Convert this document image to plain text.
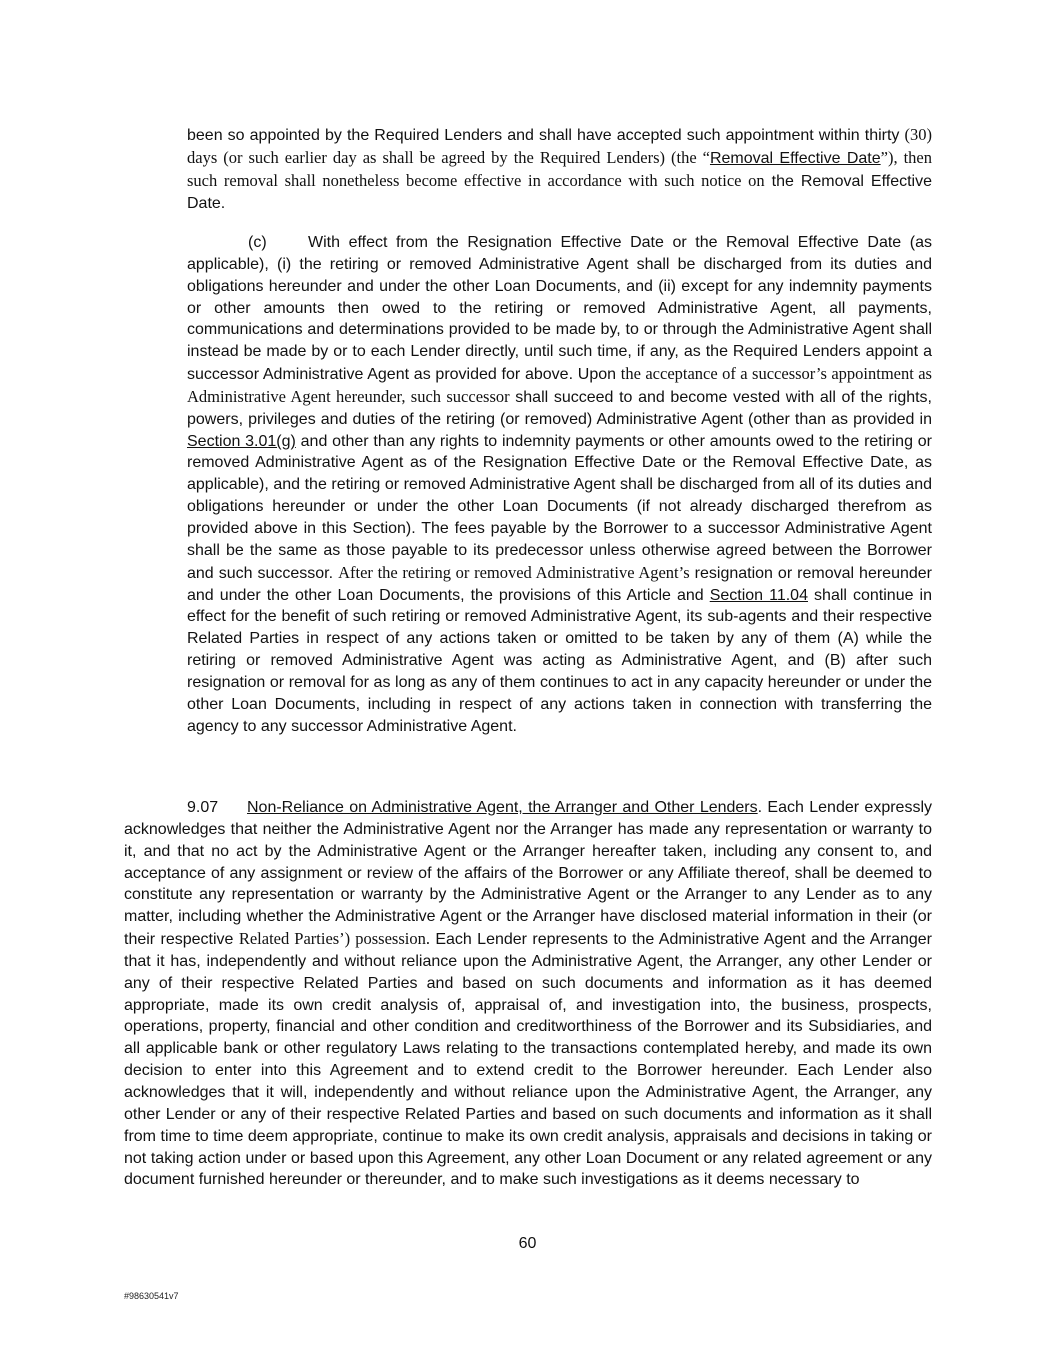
been so appointed by the Required Lenders and shall have accepted such appointment within thirty (30) days (or such earlier day as shall be agreed by the Required Lenders) (the “Removal Effective Date”), then such removal shall nonetheless become effective in accordance with such notice on the Removal Effective Date.

(c)	With effect from the Resignation Effective Date or the Removal Effective Date (as applicable), (i) the retiring or removed Administrative Agent shall be discharged from its duties and obligations hereunder and under the other Loan Documents, and (ii) except for any indemnity payments or other amounts then owed to the retiring or removed Administrative Agent, all payments, communications and determinations provided to be made by, to or through the Administrative Agent shall instead be made by or to each Lender directly, until such time, if any, as the Required Lenders appoint a successor Administrative Agent as provided for above. Upon the acceptance of a successor’s appointment as Administrative Agent hereunder, such successor shall succeed to and become vested with all of the rights, powers, privileges and duties of the retiring (or removed) Administrative Agent (other than as provided in Section 3.01(g) and other than any rights to indemnity payments or other amounts owed to the retiring or removed Administrative Agent as of the Resignation Effective Date or the Removal Effective Date, as applicable), and the retiring or removed Administrative Agent shall be discharged from all of its duties and obligations hereunder or under the other Loan Documents (if not already discharged therefrom as provided above in this Section). The fees payable by the Borrower to a successor Administrative Agent shall be the same as those payable to its predecessor unless otherwise agreed between the Borrower and such successor. After the retiring or removed Administrative Agent’s resignation or removal hereunder and under the other Loan Documents, the provisions of this Article and Section 11.04 shall continue in effect for the benefit of such retiring or removed Administrative Agent, its sub-agents and their respective Related Parties in respect of any actions taken or omitted to be taken by any of them (A) while the retiring or removed Administrative Agent was acting as Administrative Agent, and (B) after such resignation or removal for as long as any of them continues to act in any capacity hereunder or under the other Loan Documents, including in respect of any actions taken in connection with transferring the agency to any successor Administrative Agent.

9.07 Non-Reliance on Administrative Agent, the Arranger and Other Lenders. Each Lender expressly acknowledges that neither the Administrative Agent nor the Arranger has made any representation or warranty to it, and that no act by the Administrative Agent or the Arranger hereafter taken, including any consent to, and acceptance of any assignment or review of the affairs of the Borrower or any Affiliate thereof, shall be deemed to constitute any representation or warranty by the Administrative Agent or the Arranger to any Lender as to any matter, including whether the Administrative Agent or the Arranger have disclosed material information in their (or their respective Related Parties’) possession. Each Lender represents to the Administrative Agent and the Arranger that it has, independently and without reliance upon the Administrative Agent, the Arranger, any other Lender or any of their respective Related Parties and based on such documents and information as it has deemed appropriate, made its own credit analysis of, appraisal of, and investigation into, the business, prospects, operations, property, financial and other condition and creditworthiness of the Borrower and its Subsidiaries, and all applicable bank or other regulatory Laws relating to the transactions contemplated hereby, and made its own decision to enter into this Agreement and to extend credit to the Borrower hereunder. Each Lender also acknowledges that it will, independently and without reliance upon the Administrative Agent, the Arranger, any other Lender or any of their respective Related Parties and based on such documents and information as it shall from time to time deem appropriate, continue to make its own credit analysis, appraisals and decisions in taking or not taking action under or based upon this Agreement, any other Loan Document or any related agreement or any document furnished hereunder or thereunder, and to make such investigations as it deems necessary to

60
#98630541v7
